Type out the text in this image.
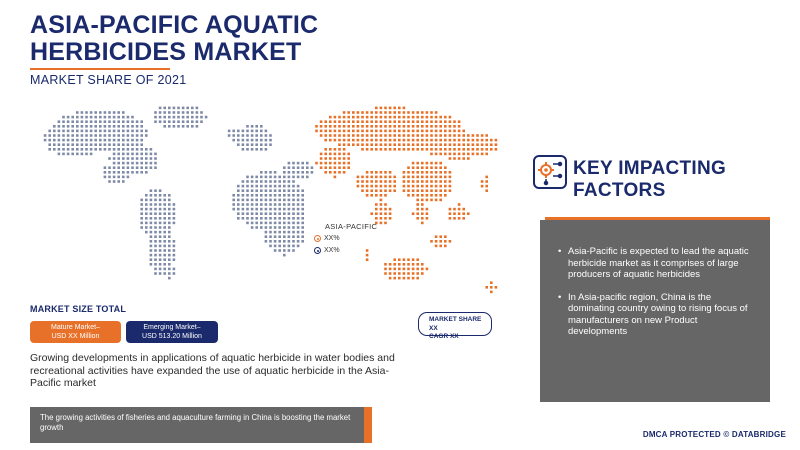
ASIA-PACIFIC AQUATIC HERBICIDES MARKET
MARKET SHARE OF 2021
ASIA-PACIFIC
XX%
XX%
MARKET SHARE XX
CAGR XX
MARKET SIZE TOTAL
Mature Market–
USD XX Million
Emerging Market–
USD 513.20 Million
Growing developments in applications of aquatic herbicide in water bodies and recreational activities have expanded the use of aquatic herbicide in the Asia-Pacific market
The growing activities of fisheries and aquaculture farming in China is boosting the market growth
KEY IMPACTING
FACTORS
• Asia-Pacific is expected to lead the aquatic herbicide market as it comprises of large producers of aquatic herbicides
• In Asia-pacific region, China is the dominating country owing to rising focus of manufacturers on new Product developments
DMCA PROTECTED © DATABRIDGE
